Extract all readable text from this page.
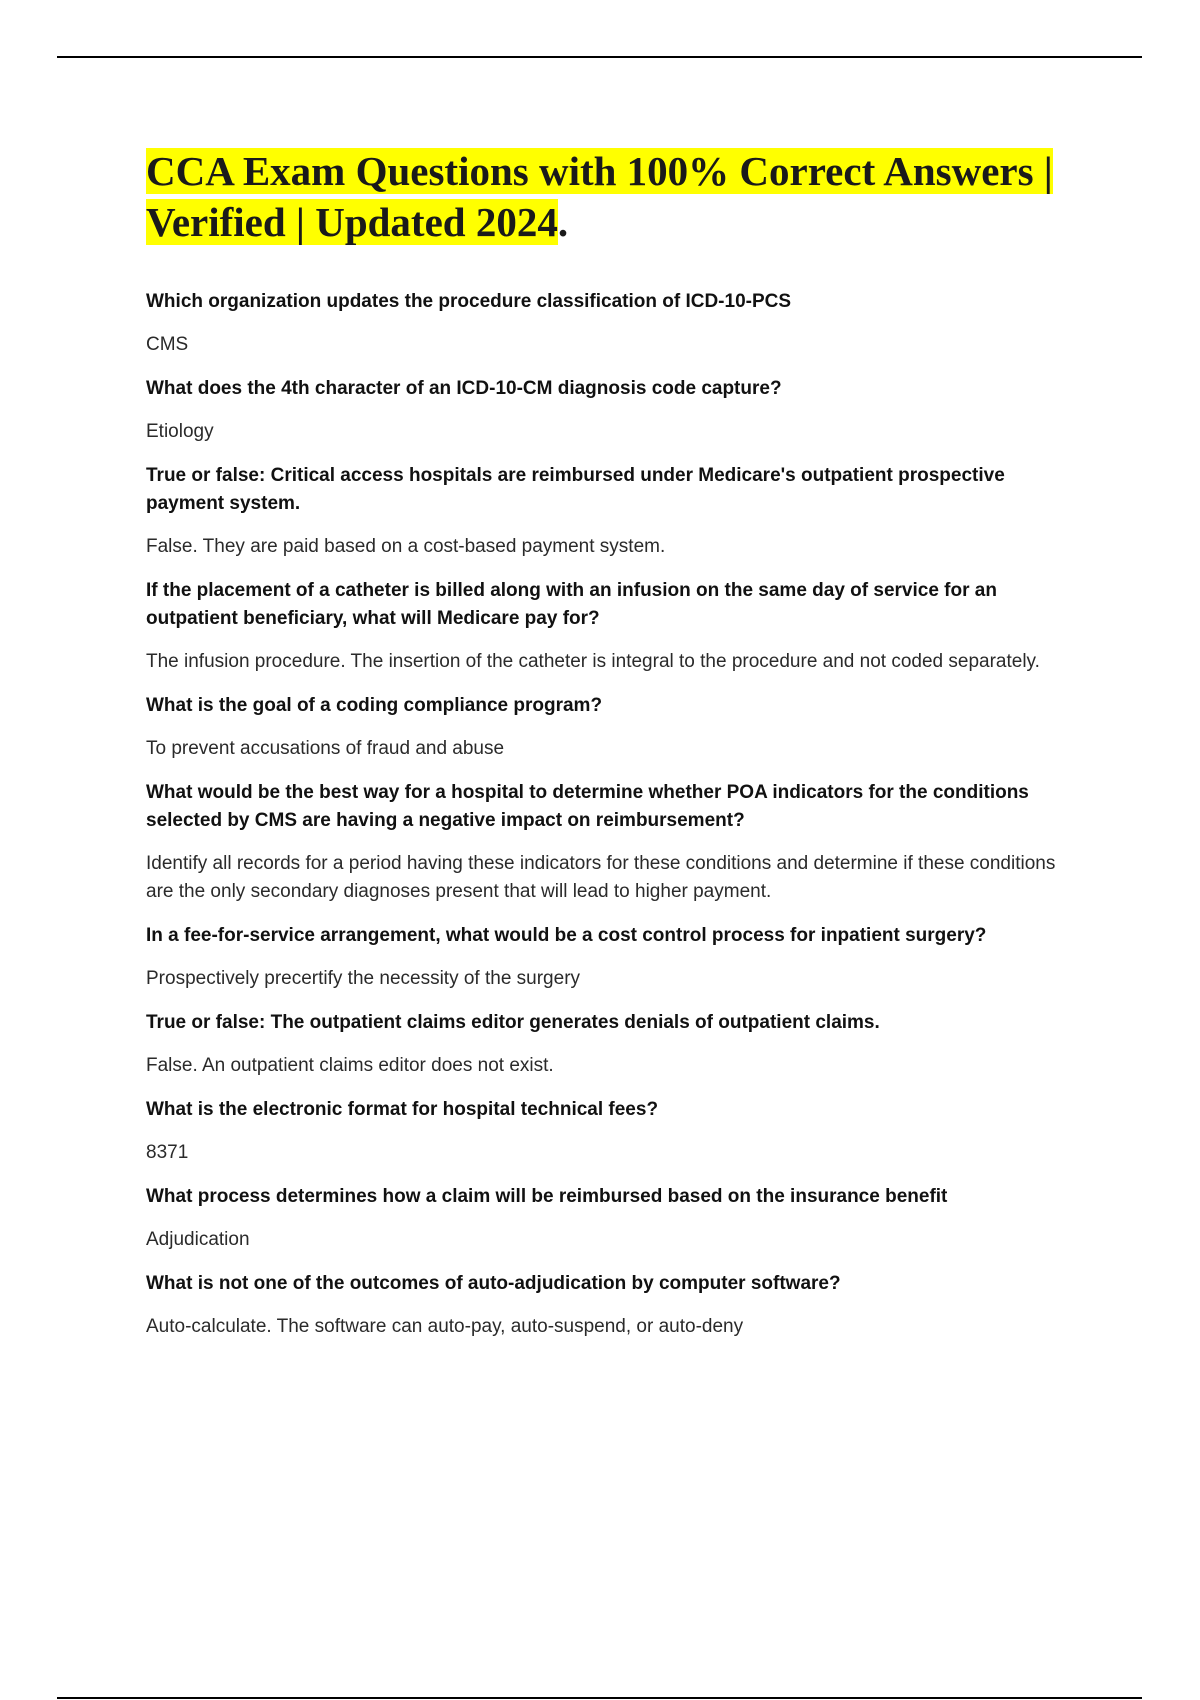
CCA Exam Questions with 100% Correct Answers | Verified | Updated 2024.

Which organization updates the procedure classification of ICD-10-PCS

CMS

What does the 4th character of an ICD-10-CM diagnosis code capture?

Etiology

True or false: Critical access hospitals are reimbursed under Medicare's outpatient prospective payment system.

False. They are paid based on a cost-based payment system.

If the placement of a catheter is billed along with an infusion on the same day of service for an outpatient beneficiary, what will Medicare pay for?

The infusion procedure. The insertion of the catheter is integral to the procedure and not coded separately.

What is the goal of a coding compliance program?

To prevent accusations of fraud and abuse

What would be the best way for a hospital to determine whether POA indicators for the conditions selected by CMS are having a negative impact on reimbursement?

Identify all records for a period having these indicators for these conditions and determine if these conditions are the only secondary diagnoses present that will lead to higher payment.

In a fee-for-service arrangement, what would be a cost control process for inpatient surgery?

Prospectively precertify the necessity of the surgery

True or false: The outpatient claims editor generates denials of outpatient claims.

False. An outpatient claims editor does not exist.

What is the electronic format for hospital technical fees?

8371

What process determines how a claim will be reimbursed based on the insurance benefit

Adjudication

What is not one of the outcomes of auto-adjudication by computer software?

Auto-calculate. The software can auto-pay, auto-suspend, or auto-deny
